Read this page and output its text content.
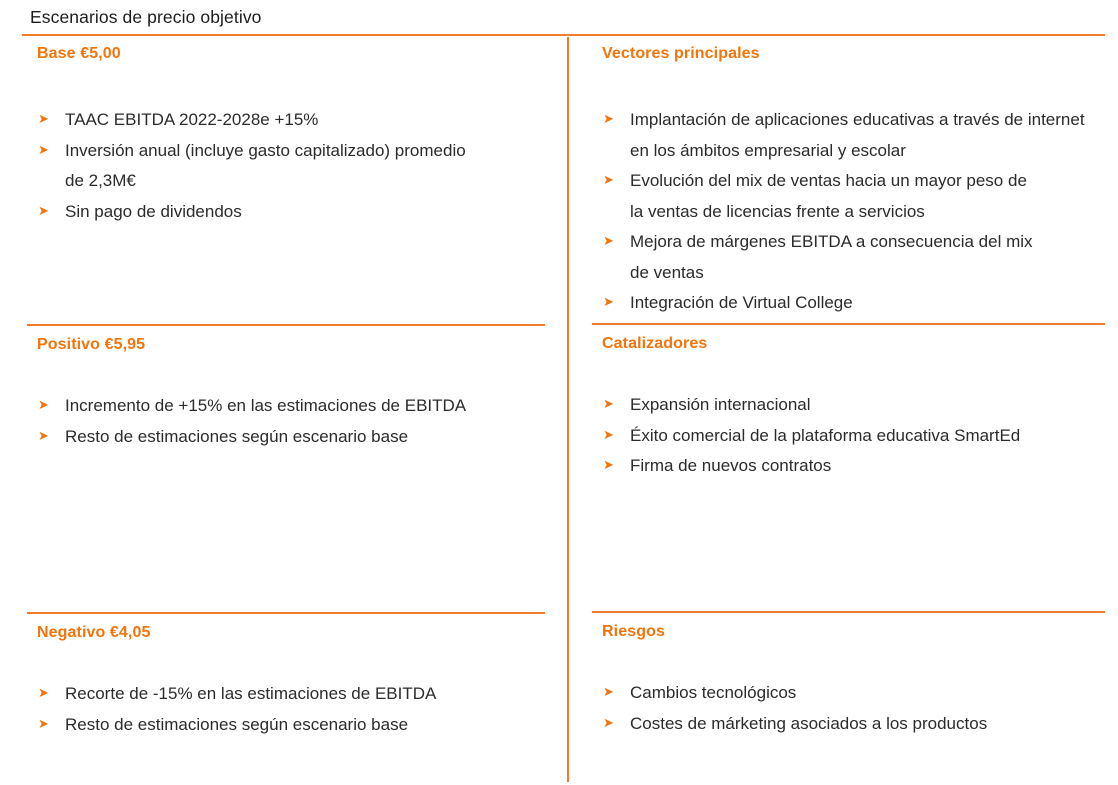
Escenarios de precio objetivo
Base €5,00
➤ TAAC EBITDA 2022-2028e +15%
➤ Inversión anual (incluye gasto capitalizado) promedio de 2,3M€
➤ Sin pago de dividendos
Positivo €5,95
➤ Incremento de +15% en las estimaciones de EBITDA
➤ Resto de estimaciones según escenario base
Negativo €4,05
➤ Recorte de -15% en las estimaciones de EBITDA
➤ Resto de estimaciones según escenario base
Vectores principales
➤ Implantación de aplicaciones educativas a través de internet en los ámbitos empresarial y escolar
➤ Evolución del mix de ventas hacia un mayor peso de la ventas de licencias frente a servicios
➤ Mejora de márgenes EBITDA a consecuencia del mix de ventas
➤ Integración de Virtual College
Catalizadores
➤ Expansión internacional
➤ Éxito comercial de la plataforma educativa SmartEd
➤ Firma de nuevos contratos
Riesgos
➤ Cambios tecnológicos
➤ Costes de márketing asociados a los productos
